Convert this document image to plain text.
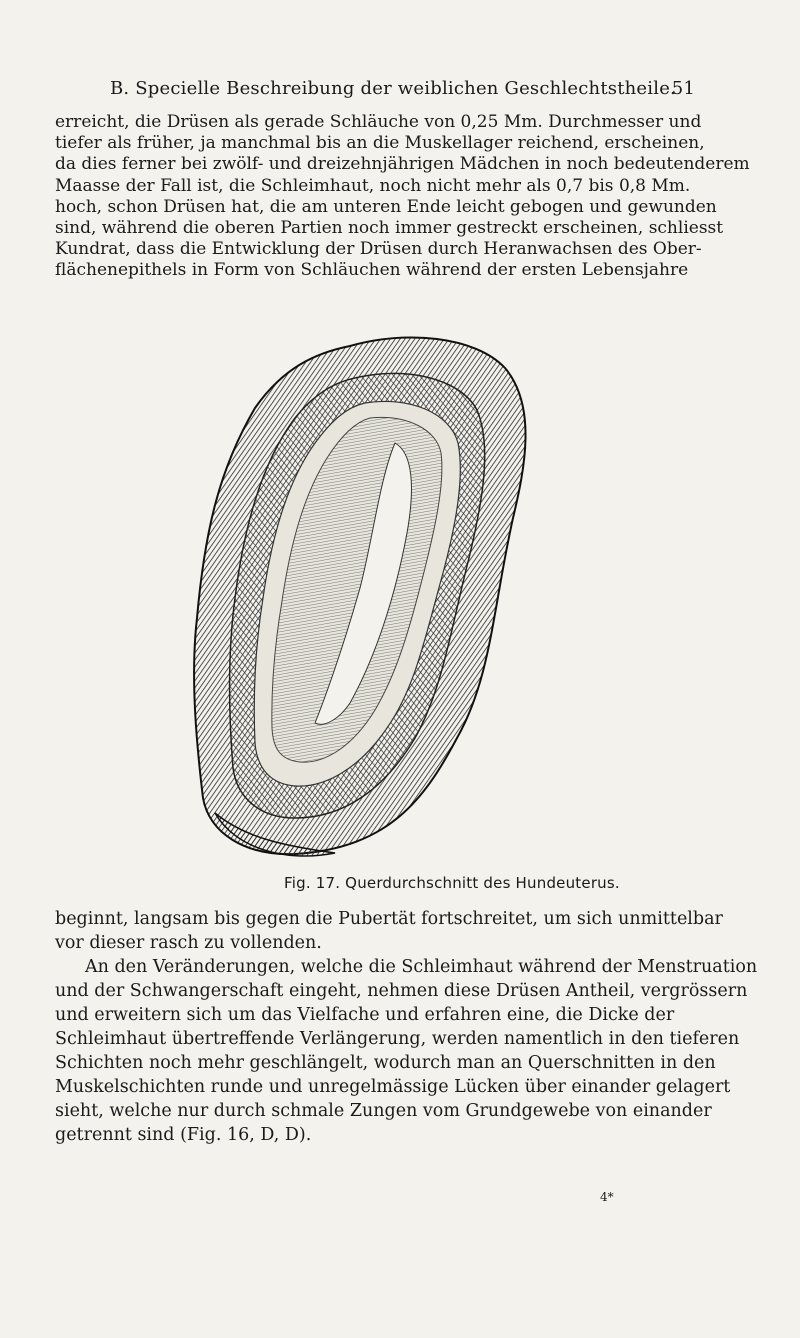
B. Specielle Beschreibung der weiblichen Geschlechtstheile.
51
erreicht, die Drüsen als gerade Schläuche von 0,25 Mm. Durchmesser und
tiefer als früher, ja manchmal bis an die Muskellager reichend, erscheinen,
da dies ferner bei zwölf- und dreizehnjährigen Mädchen in noch bedeutenderem
Maasse der Fall ist, die Schleimhaut, noch nicht mehr als 0,7 bis 0,8 Mm.
hoch, schon Drüsen hat, die am unteren Ende leicht gebogen und gewunden
sind, während die oberen Partien noch immer gestreckt erscheinen, schliesst
Kundrat, dass die Entwicklung der Drüsen durch Heranwachsen des Ober-
flächenepithels in Form von Schläuchen während der ersten Lebensjahre
Fig. 17. Querdurchschnitt des Hundeuterus.
beginnt, langsam bis gegen die Pubertät fortschreitet, um sich unmittelbar
vor dieser rasch zu vollenden.
An den Veränderungen, welche die Schleimhaut während der Menstruation
und der Schwangerschaft eingeht, nehmen diese Drüsen Antheil, vergrössern
und erweitern sich um das Vielfache und erfahren eine, die Dicke der
Schleimhaut übertreffende Verlängerung, werden namentlich in den tieferen
Schichten noch mehr geschlängelt, wodurch man an Querschnitten in den
Muskelschichten runde und unregelmässige Lücken über einander gelagert
sieht, welche nur durch schmale Zungen vom Grundgewebe von einander
getrennt sind (Fig. 16, D, D).
4*
